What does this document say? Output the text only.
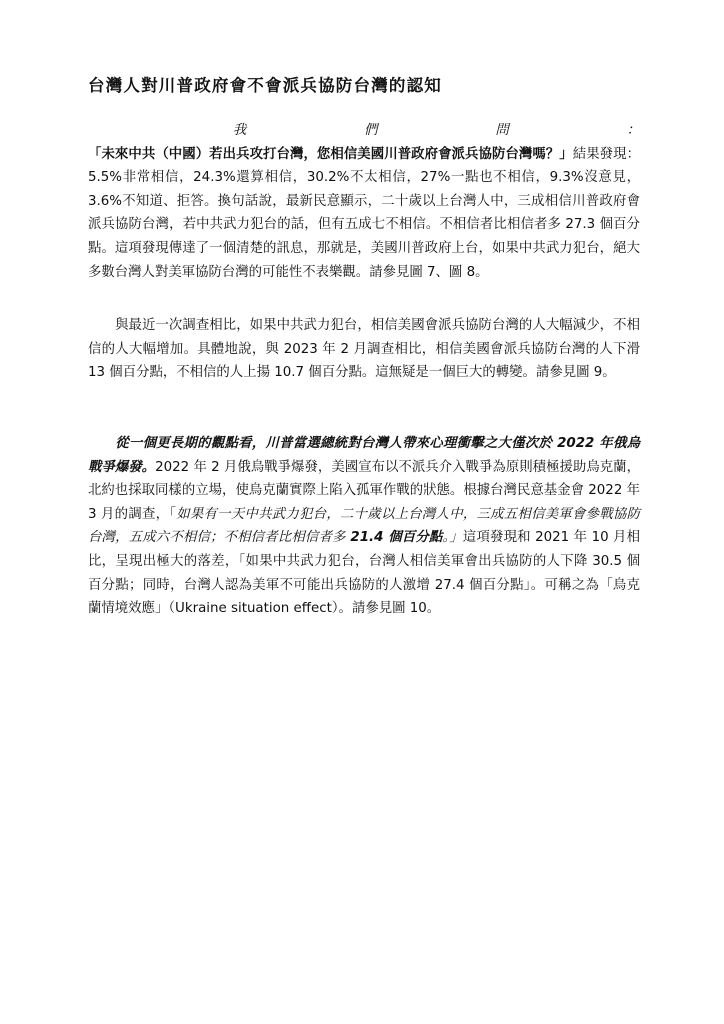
台灣人對川普政府會不會派兵協防台灣的認知

我們問：「未來中共（中國）若出兵攻打台灣，您相信美國川普政府會派兵協防台灣嗎？」結果發現：5.5%非常相信，24.3%還算相信，30.2%不太相信，27%一點也不相信，9.3%沒意見，3.6%不知道、拒答。換句話說，最新民意顯示，二十歲以上台灣人中，三成相信川普政府會派兵協防台灣，若中共武力犯台的話，但有五成七不相信。不相信者比相信者多 27.3 個百分點。這項發現傳達了一個清楚的訊息，那就是，美國川普政府上台，如果中共武力犯台，絕大多數台灣人對美軍協防台灣的可能性不表樂觀。請參見圖 7、圖 8。

與最近一次調查相比，如果中共武力犯台，相信美國會派兵協防台灣的人大幅減少，不相信的人大幅增加。具體地說，與 2023 年 2 月調查相比，相信美國會派兵協防台灣的人下滑 13 個百分點，不相信的人上揚 10.7 個百分點。這無疑是一個巨大的轉變。請參見圖 9。

從一個更長期的觀點看，川普當選總統對台灣人帶來心理衝擊之大僅次於 2022 年俄烏戰爭爆發。2022 年 2 月俄烏戰爭爆發，美國宣布以不派兵介入戰爭為原則積極援助烏克蘭，北約也採取同樣的立場，使烏克蘭實際上陷入孤軍作戰的狀態。根據台灣民意基金會 2022 年 3 月的調查，「如果有一天中共武力犯台，二十歲以上台灣人中，三成五相信美軍會參戰協防台灣，五成六不相信；不相信者比相信者多 21.4 個百分點。」這項發現和 2021 年 10 月相比，呈現出極大的落差，「如果中共武力犯台，台灣人相信美軍會出兵協防的人下降 30.5 個百分點；同時，台灣人認為美軍不可能出兵協防的人激增 27.4 個百分點」。可稱之為「烏克蘭情境效應」（Ukraine situation effect）。請參見圖 10。
